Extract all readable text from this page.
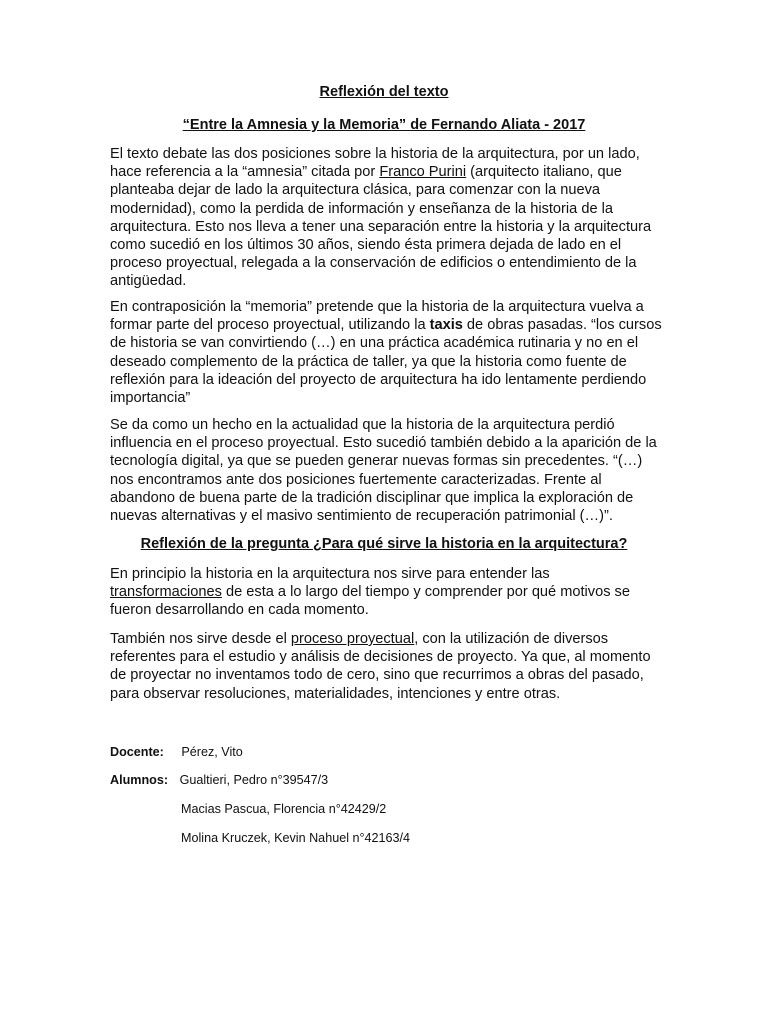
Reflexión del texto
“Entre la Amnesia y la Memoria” de Fernando Aliata - 2017

El texto debate las dos posiciones sobre la historia de la arquitectura, por un lado, hace referencia a la “amnesia” citada por Franco Purini (arquitecto italiano, que planteaba dejar de lado la arquitectura clásica, para comenzar con la nueva modernidad), como la perdida de información y enseñanza de la historia de la arquitectura. Esto nos lleva a tener una separación entre la historia y la arquitectura como sucedió en los últimos 30 años, siendo ésta primera dejada de lado en el proceso proyectual, relegada a la conservación de edificios o entendimiento de la antigüedad.

En contraposición la “memoria” pretende que la historia de la arquitectura vuelva a formar parte del proceso proyectual, utilizando la taxis de obras pasadas. “los cursos de historia se van convirtiendo (…) en una práctica académica rutinaria y no en el deseado complemento de la práctica de taller, ya que la historia como fuente de reflexión para la ideación del proyecto de arquitectura ha ido lentamente perdiendo importancia”

Se da como un hecho en la actualidad que la historia de la arquitectura perdió influencia en el proceso proyectual. Esto sucedió también debido a la aparición de la tecnología digital, ya que se pueden generar nuevas formas sin precedentes. “(…) nos encontramos ante dos posiciones fuertemente caracterizadas. Frente al abandono de buena parte de la tradición disciplinar que implica la exploración de nuevas alternativas y el masivo sentimiento de recuperación patrimonial (…)”.

Reflexión de la pregunta ¿Para qué sirve la historia en la arquitectura?

En principio la historia en la arquitectura nos sirve para entender las transformaciones de esta a lo largo del tiempo y comprender por qué motivos se fueron desarrollando en cada momento.

También nos sirve desde el proceso proyectual, con la utilización de diversos referentes para el estudio y análisis de decisiones de proyecto. Ya que, al momento de proyectar no inventamos todo de cero, sino que recurrimos a obras del pasado, para observar resoluciones, materialidades, intenciones y entre otras.

Docente: Pérez, Vito
Alumnos: Gualtieri, Pedro n°39547/3
Macias Pascua, Florencia n°42429/2
Molina Kruczek, Kevin Nahuel n°42163/4
